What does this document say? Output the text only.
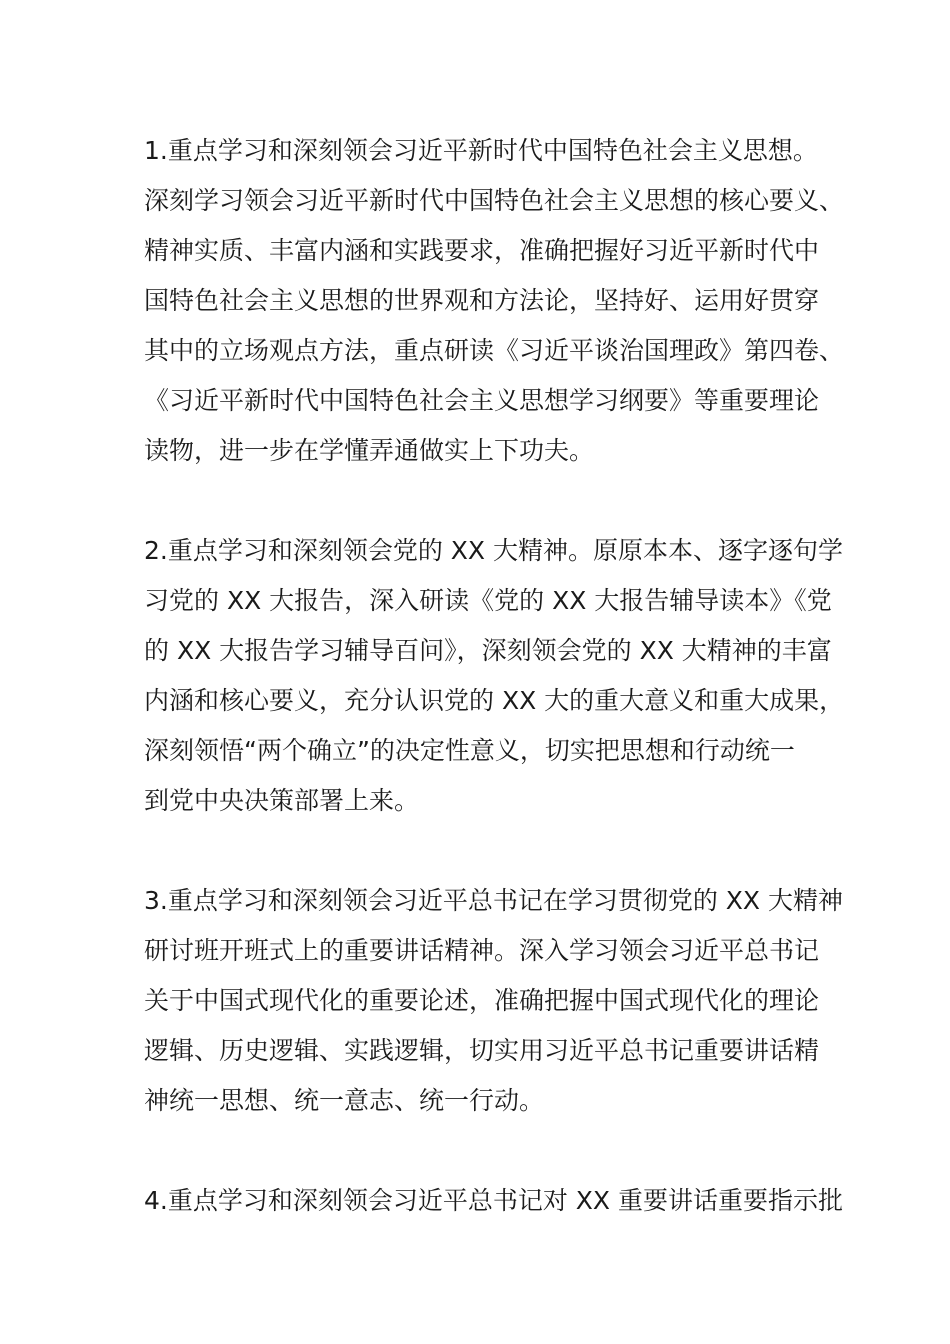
1.重点学习和深刻领会习近平新时代中国特色社会主义思想。
深刻学习领会习近平新时代中国特色社会主义思想的核心要义、
精神实质、丰富内涵和实践要求，准确把握好习近平新时代中
国特色社会主义思想的世界观和方法论，坚持好、运用好贯穿
其中的立场观点方法，重点研读《习近平谈治国理政》第四卷、
《习近平新时代中国特色社会主义思想学习纲要》等重要理论
读物，进一步在学懂弄通做实上下功夫。
2.重点学习和深刻领会党的 XX 大精神。原原本本、逐字逐句学
习党的 XX 大报告，深入研读《党的 XX 大报告辅导读本》《党
的 XX 大报告学习辅导百问》，深刻领会党的 XX 大精神的丰富
内涵和核心要义，充分认识党的 XX 大的重大意义和重大成果，
深刻领悟“两个确立”的决定性意义，切实把思想和行动统一
到党中央决策部署上来。
3.重点学习和深刻领会习近平总书记在学习贯彻党的 XX 大精神
研讨班开班式上的重要讲话精神。深入学习领会习近平总书记
关于中国式现代化的重要论述，准确把握中国式现代化的理论
逻辑、历史逻辑、实践逻辑，切实用习近平总书记重要讲话精
神统一思想、统一意志、统一行动。
4.重点学习和深刻领会习近平总书记对 XX 重要讲话重要指示批
